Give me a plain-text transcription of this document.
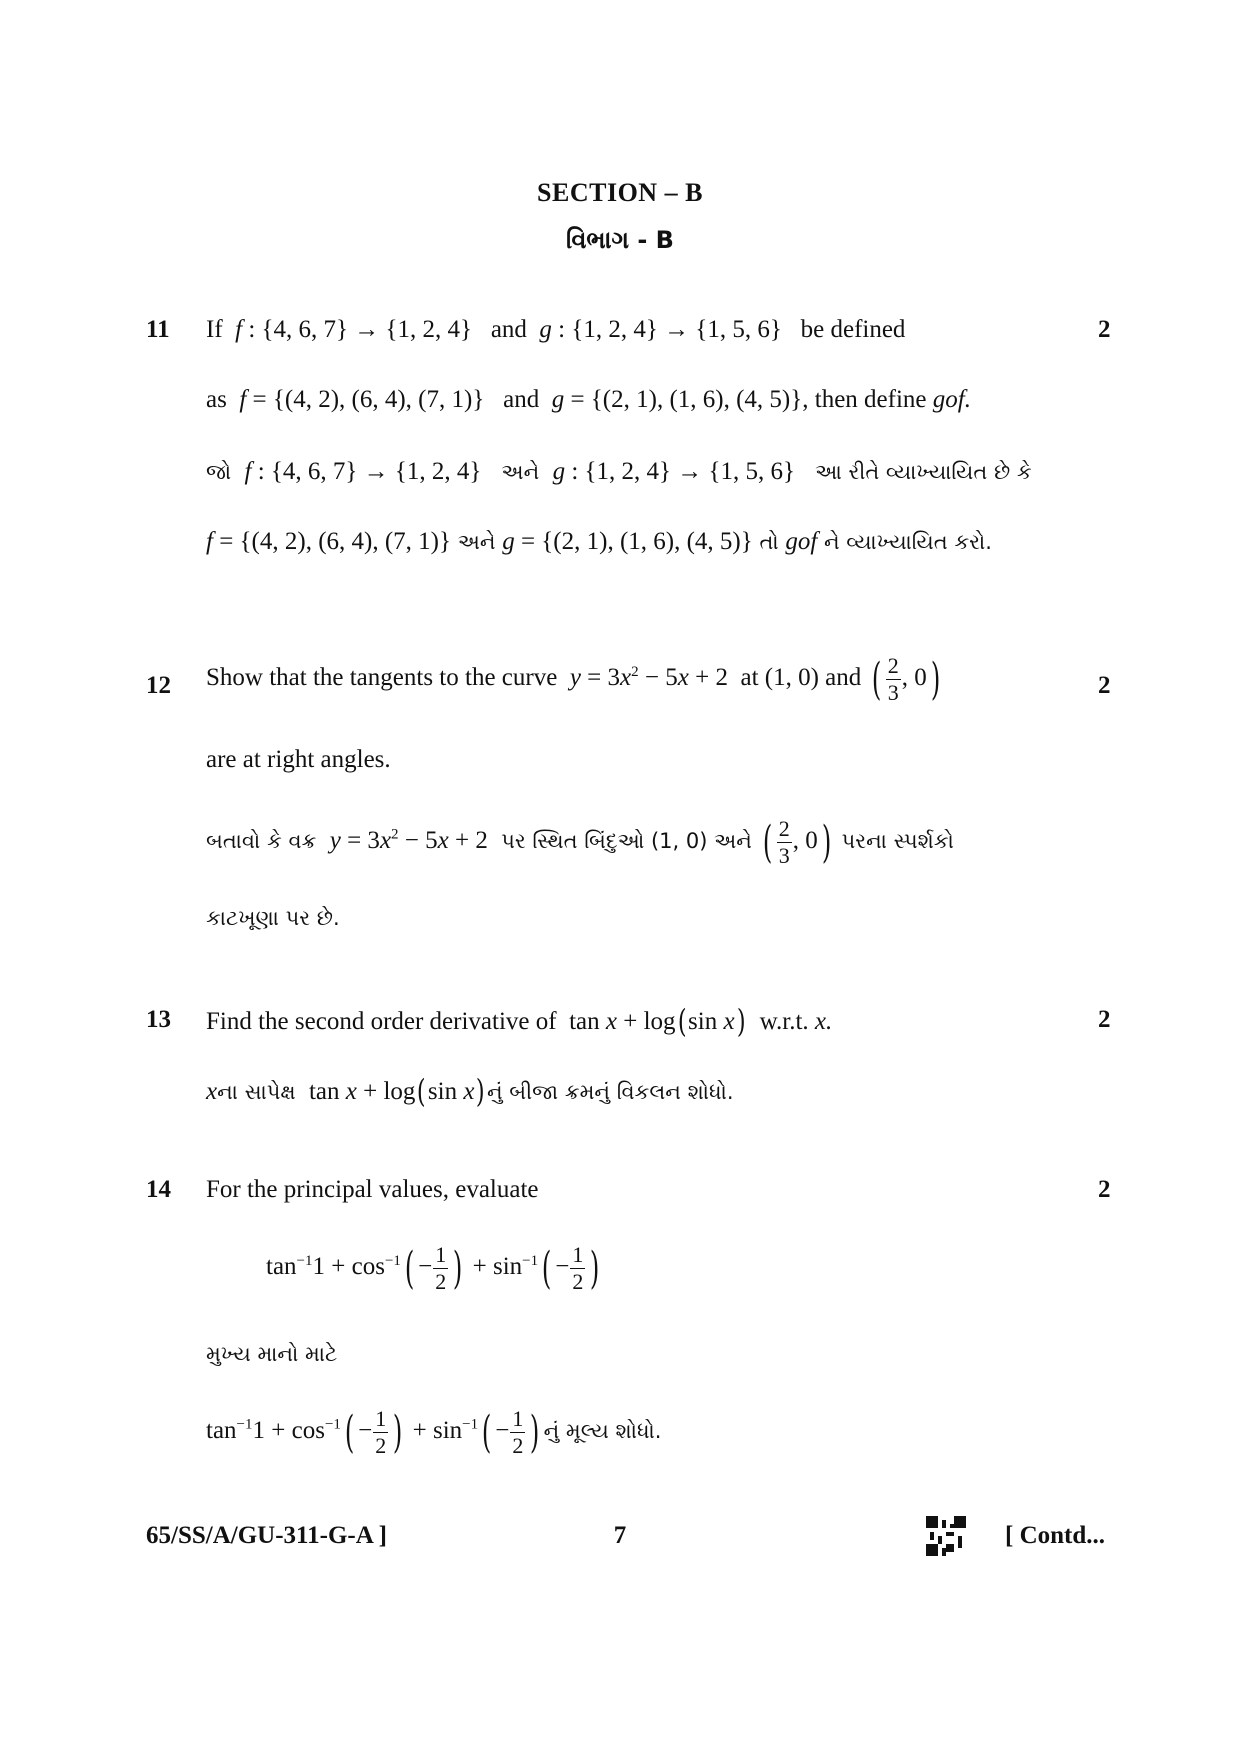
SECTION – B
વિભાગ - B
11	2
If f : {4, 6, 7} → {1, 2, 4}   and g : {1, 2, 4} → {1, 5, 6}   be defined
as f = {(4, 2), (6, 4), (7, 1)}   and g = {(2, 1), (1, 6), (4, 5)}, then define gof.
જો f : {4, 6, 7} → {1, 2, 4} અને g : {1, 2, 4} → {1, 5, 6} આ રીતે વ્યાખ્યાયિત છે કે
f = {(4, 2), (6, 4), (7, 1)} અને g = {(2, 1), (1, 6), (4, 5)} તો gof ને વ્યાખ્યાયિત કરો.
12	2
Show that the tangents to the curve $y = 3x^2 - 5x + 2$  at (1, 0) and ( $\frac{2}{3}$ , 0)
are at right angles.
બતાવો કે વક્ર $y = 3x^2 - 5x + 2$ પર સ્થિત બિંદુઓ (1, 0) અને ( $\frac{2}{3}$ , 0) પરના સ્પર્શકો
કાટખૂણા પર છે.
13	2
Find the second order derivative of  tan x + log(sin x) w.r.t. x.
xના સાપેક્ષ tan x + log(sin x)નું બીજા ક્રમનું વિકલન શોધો.
14	2
For the principal values, evaluate
$\tan^{-1}1 + \cos^{-1}( - \frac{1}{2}$ ) + $\sin^{-1}( - \frac{1}{2}$ )
મુખ્ય માનો માટે
$\tan^{-1}1 + \cos^{-1}( - \frac{1}{2}$ ) + $\sin^{-1}( - \frac{1}{2}$ ) નું મૂલ્ય શોધો.
65/SS/A/GU-311-G-A ]	7	[ Contd...
